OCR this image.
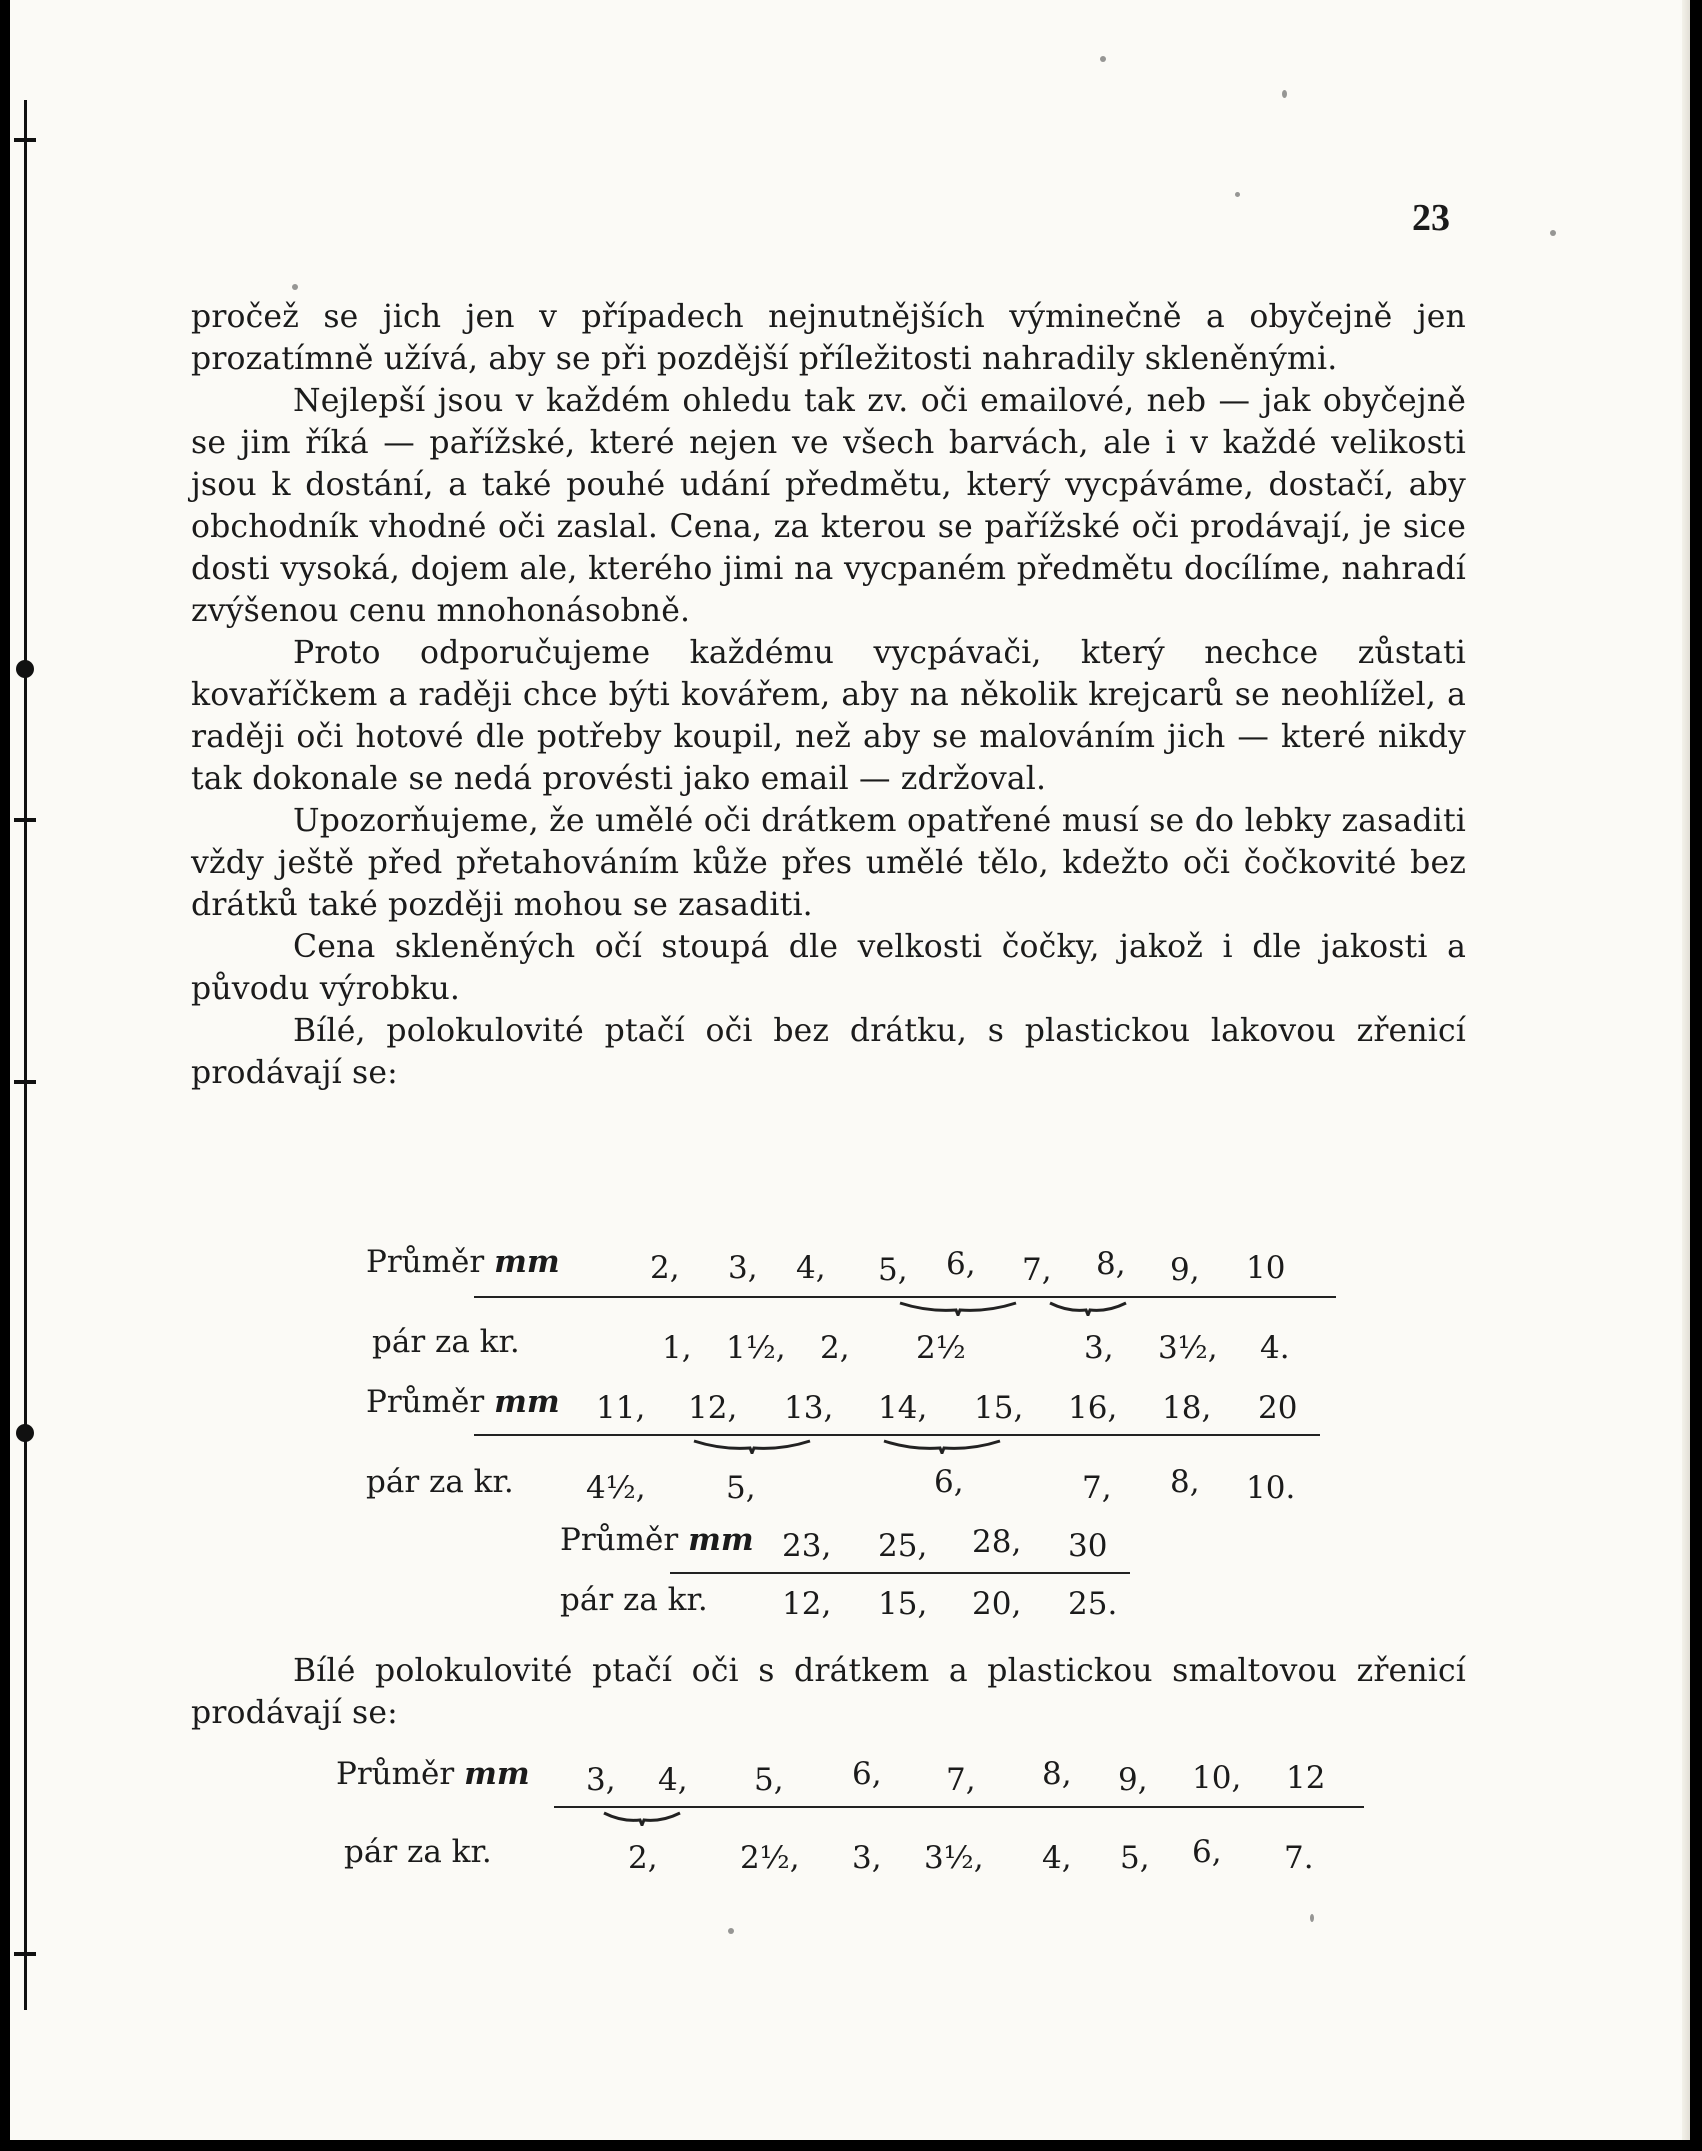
23

pročež se jich jen v případech nejnutnějších výminečně a obyčejně jen prozatímně užívá, aby se při pozdější příležitosti nahradily skleněnými.

Nejlepší jsou v každém ohledu tak zv. oči emailové, neb — jak obyčejně se jim říká — pařížské, které nejen ve všech barvách, ale i v každé velikosti jsou k dostání, a také pouhé udání předmětu, který vycpáváme, dostačí, aby obchodník vhodné oči zaslal. Cena, za kterou se pařížské oči prodávají, je sice dosti vysoká, dojem ale, kterého jimi na vycpaném předmětu docílíme, nahradí zvýšenou cenu mnohonásobně.

Proto odporučujeme každému vycpávači, který nechce zůstati kovaříčkem a raději chce býti kovářem, aby na několik krejcarů se neohlížel, a raději oči hotové dle potřeby koupil, než aby se malováním jich — které nikdy tak dokonale se nedá provésti jako email — zdržoval.

Upozorňujeme, že umělé oči drátkem opatřené musí se do lebky zasaditi vždy ještě před přetahováním kůže přes umělé tělo, kdežto oči čočkovité bez drátků také později mohou se zasaditi.

Cena skleněných očí stoupá dle velkosti čočky, jakož i dle jakosti a původu výrobku.

Bílé, polokulovité ptačí oči bez drátku, s plastickou lakovou zřenicí prodávají se:

Průměr mm	2, 3, 4, 5, 6, 7, 8, 9, 10
pár za kr.	1, 1½, 2, 2½	3, 3½, 4.
Průměr mm 11, 12, 13, 14, 15, 16, 18, 20
pár za kr. 4½,	5,	6,	7, 8, 10.
Průměr mm 23, 25, 28, 30
pár za kr. 12, 15, 20, 25.

Bílé polokulovité ptačí oči s drátkem a plastickou smaltovou zřenicí prodávají se:

Průměr mm 3, 4, 5, 6, 7, 8, 9, 10, 12
pár za kr.	2,	2½, 3, 3½, 4, 5, 6, 7.
